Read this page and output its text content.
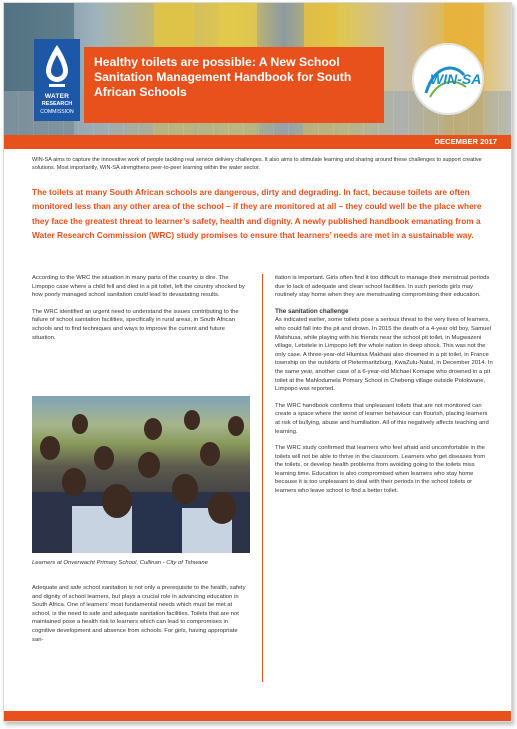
WATER
RESEARCH
COMMISSION
Healthy toilets are possible: A New School Sanitation Management Handbook for South African Schools
WIN-SA
DECEMBER 2017
WIN-SA aims to capture the innovative work of people tackling real service delivery challenges. It also aims to stimulate learning and sharing around these challenges to support creative solutions. Most importantly, WIN-SA strengthens peer-to-peer learning within the water sector.
The toilets at many South African schools are dangerous, dirty and degrading. In fact, because toilets are often monitored less than any other area of the school – if they are monitored at all – they could well be the place where they face the greatest threat to learner’s safety, health and dignity. A newly published handbook emanating from a Water Research Commission (WRC) study promises to ensure that learners’ needs are met in a sustainable way.

According to the WRC the situation in many parts of the country is dire. The Limpopo case where a child fell and died in a pit toilet, left the country shocked by how poorly managed school sanitation could lead to devastating results.

The WRC identified an urgent need to understand the issues contributing to the failure of school sanitation facilities, specifically in rural areas, in South African schools and to find techniques and ways to improve the current and future situation.

Learners at Onverwacht Primary School, Cullinan - City of Tshwane

Adequate and safe school sanitation is not only a prerequisite to the health, safety and dignity of school learners, but plays a crucial role in advancing education in South Africa. One of learners’ most fundamental needs which must be met at school, is the need to safe and adequate sanitation facilities. Toilets that are not maintained pose a health risk to learners which can lead to compromises in cognitive development and absence from schools. For girls, having appropriate san-

itation is important. Girls often find it too difficult to manage their menstrual periods due to lack of adequate and clean school facilities. In such periods girls may routinely stay home when they are menstruating compromising their education.

The sanitation challenge

As indicated earlier, some toilets pose a serious threat to the very lives of learners, who could fall into the pit and drown. In 2015 the death of a 4-year old boy, Samuel Matshusa, while playing with his friends near the school pit toilet, in Mugwazeni village, Letsitele in Limpopo left the whole nation in deep shock. This was not the only case. A three-year-old Hlumisa Makhasi also drowned in a pit toilet, in France township on the outskirts of Pietermaritzburg, KwaZulu-Natal, in December 2014. In the same year, another case of a 6-year-old Michael Komape who drowned in a pit toilet at the Mahlodumela Primary School in Chebeng village outside Polokwane, Limpopo was reported.

The WRC handbook confirms that unpleasant toilets that are not monitored can create a space where the worst of learner behaviour can flourish, placing learners at risk of bullying, abuse and humiliation. All of this negatively affects teaching and learning.

The WRC study confirmed that learners who feel afraid and uncomfortable in the toilets will not be able to thrive in the classroom. Learners who get diseases from the toilets, or develop health problems from avoiding going to the toilets miss learning time. Education is also compromised when learners who stay home because it is too unpleasant to deal with their periods in the school toilets or learners who leave school to find a better toilet.
